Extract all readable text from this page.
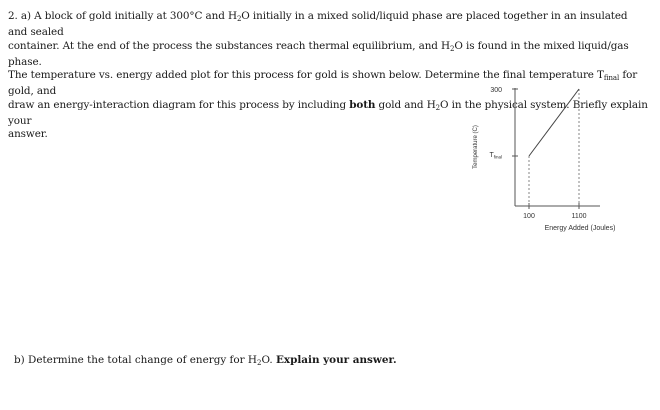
2. a) A block of gold initially at 300°C and $H_2O$ initially in a mixed solid/liquid phase are placed together in an insulated and sealed

container. At the end of the process the substances reach thermal equilibrium, and $H_2O$ is found in the mixed liquid/gas phase.

The temperature vs. energy added plot for this process for gold is shown below. Determine the final temperature $T_{final}$ for gold, and

draw an energy-interaction diagram for this process by including both gold and $H_2O$ in the physical system. Briefly explain your

answer.

300
$T_{final}$
100	1100
Energy Added (Joules)
Temperature (C)

b) Determine the total change of energy for $H_2O$. Explain your answer.
